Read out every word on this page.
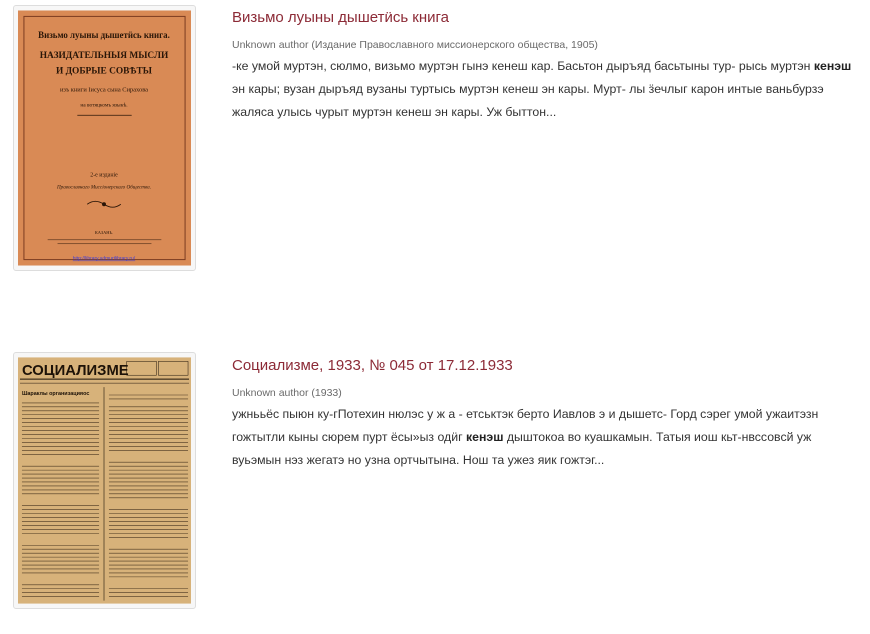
Визьмо луыны дышетӥсь книга.
НАЗИДАТЕЛЬНЫЯ МЫСЛИ
И ДОБРЫЕ СОВѢТЫ
изъ книги Іисуса сына Сирахова
на вотяцкомъ языкѣ.
2-е изданіе
Православнаго Миссіонерскаго Общества.
КАЗАНЬ.
http://library.udmurtlibrary.ru/
Визьмо луыны дышетӥсь книга
Unknown author (Издание Православного миссионерского общества, 1905)
-ке умой муртэн, сюлмо, визьмо муртэн гынэ кенеш кар. Басьтон дыръяд басьтыны тур- рысь муртэн кенэш эн кары; вузан дыръяд вузаны туртысь муртэн кенеш эн кары. Мурт- лы ӟечлыг карон интые ваньбурзэ жаляса улысь чурыт муртэн кенеш эн кары. Уж быттон...
СОЦИАЛИЗМЕ
Шараклы организацияос
Социализме, 1933, № 045 от 17.12.1933
Unknown author (1933)
ужнььёс пыюн ку-гПотехин нюлэс у ж а - етськтэк берто Иавлов э и дышетс- Горд сэрег умой ужаитэзн гожтытли кыны сюрем пурт ёсы»ыз одӥг кенэш дыштокоа во куашкамын. Татыя иош кьт-нвссовсй уж вуьэмын нэз жегатэ но узна ортчытына. Нош та ужез яик гожтэг...
